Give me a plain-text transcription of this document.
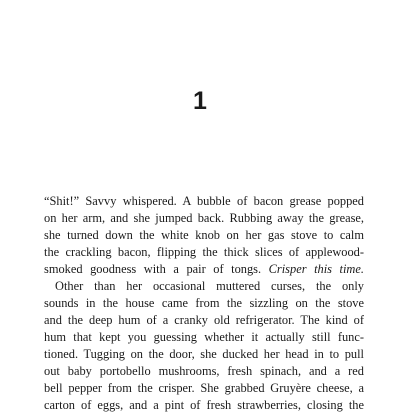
1
“Shit!” Savvy whispered. A bubble of bacon grease popped
on her arm, and she jumped back. Rubbing away the grease,
she turned down the white knob on her gas stove to calm
the crackling bacon, flipping the thick slices of applewood-
smoked goodness with a pair of tongs. Crisper this time.
Other than her occasional muttered curses, the only
sounds in the house came from the sizzling on the stove
and the deep hum of a cranky old refrigerator. The kind of
hum that kept you guessing whether it actually still func-
tioned. Tugging on the door, she ducked her head in to pull
out baby portobello mushrooms, fresh spinach, and a red
bell pepper from the crisper. She grabbed Gruyère cheese, a
carton of eggs, and a pint of fresh strawberries, closing the
